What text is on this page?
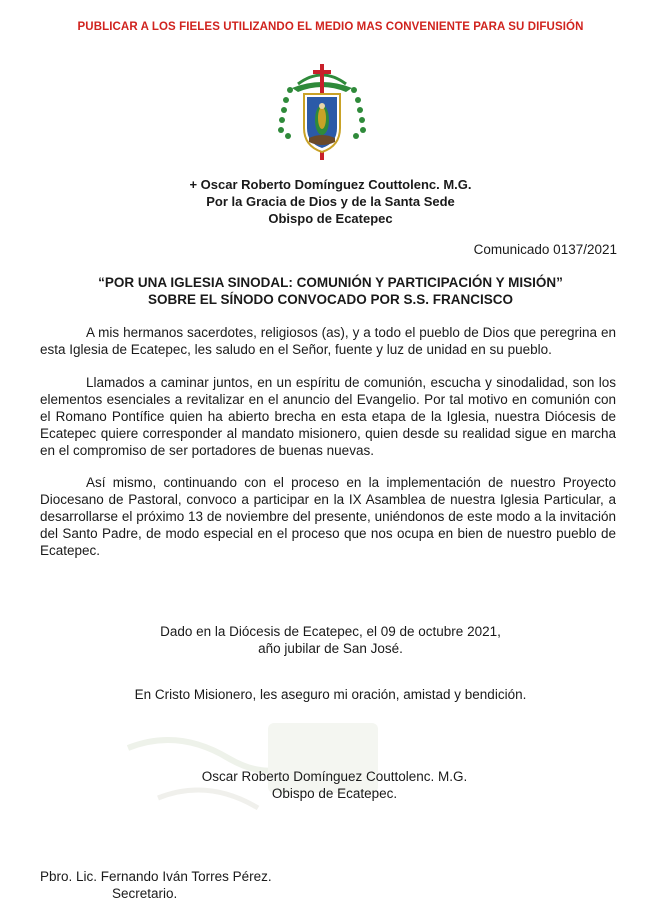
PUBLICAR A LOS FIELES UTILIZANDO EL MEDIO MAS CONVENIENTE PARA SU DIFUSIÓN
+ Oscar Roberto Domínguez Couttolenc. M.G.
Por la Gracia de Dios y de la Santa Sede
Obispo de Ecatepec
Comunicado 0137/2021
“POR UNA IGLESIA SINODAL: COMUNIÓN Y PARTICIPACIÓN Y MISIÓN”
SOBRE EL SÍNODO CONVOCADO POR S.S. FRANCISCO

A mis hermanos sacerdotes, religiosos (as), y a todo el pueblo de Dios que peregrina en esta Iglesia de Ecatepec, les saludo en el Señor, fuente y luz de unidad en su pueblo.

Llamados a caminar juntos, en un espíritu de comunión, escucha y sinodalidad, son los elementos esenciales a revitalizar en el anuncio del Evangelio. Por tal motivo en comunión con el Romano Pontífice quien ha abierto brecha en esta etapa de la Iglesia, nuestra Diócesis de Ecatepec quiere corresponder al mandato misionero, quien desde su realidad sigue en marcha en el compromiso de ser portadores de buenas nuevas.

Así mismo, continuando con el proceso en la implementación de nuestro Proyecto Diocesano de Pastoral, convoco a participar en la IX Asamblea de nuestra Iglesia Particular, a desarrollarse el próximo 13 de noviembre del presente, uniéndonos de este modo a la invitación del Santo Padre, de modo especial en el proceso que nos ocupa en bien de nuestro pueblo de Ecatepec.

Dado en la Diócesis de Ecatepec, el 09 de octubre 2021,
año jubilar de San José.
En Cristo Misionero, les aseguro mi oración, amistad y bendición.
Oscar Roberto Domínguez Couttolenc. M.G.
Obispo de Ecatepec.
Pbro. Lic. Fernando Iván Torres Pérez.
Secretario.
